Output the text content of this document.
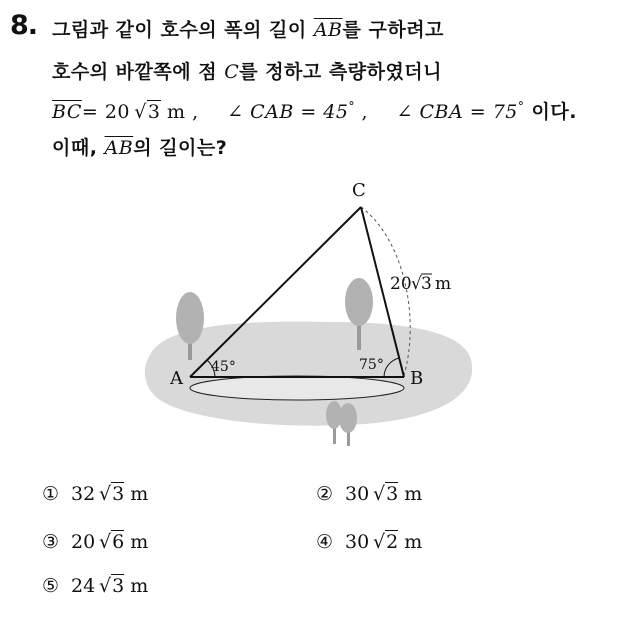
8. 그림과 같이 호수의 폭의 길이 $\overline{AB}$를 구하려고
호수의 바깥쪽에 점 C를 정하고 측량하였더니
$\overline{BC}= 20$  √3 m , ∠ CAB = 45° , ∠ CBA = 75° 이다.
이때, $\overline{AB}$의 길이는?
A	B
C
45°	75°
20 √ 3 m
① 32  √3 m	② 30  √3 m
③ 20  √6 m	④ 30  √2 m
⑤ 24  √3 m
